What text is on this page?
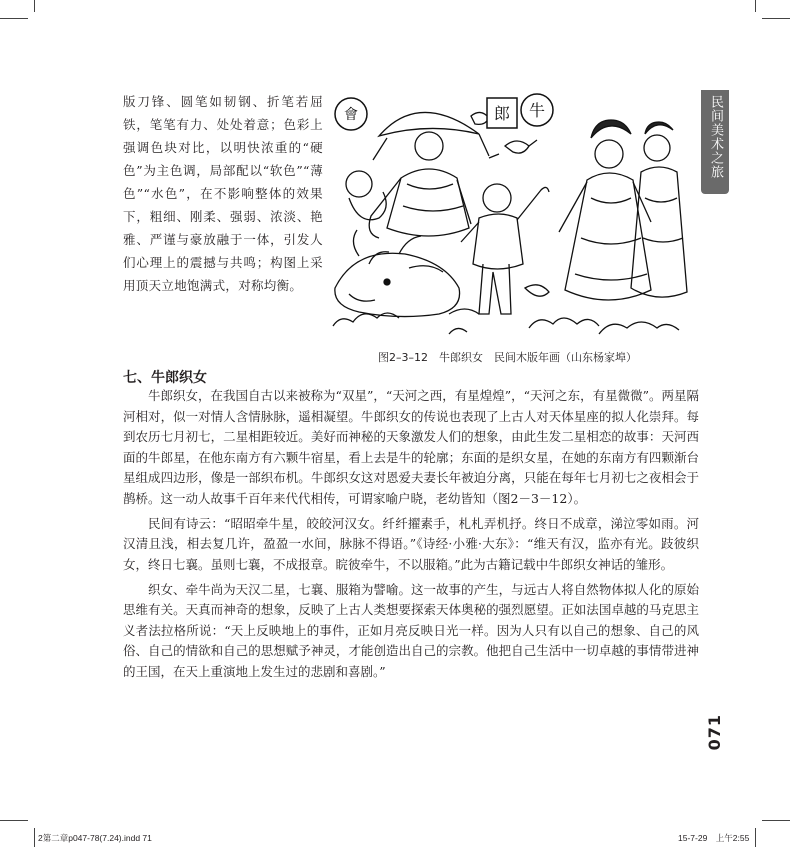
版刀锋、圆笔如韧钢、折笔若屈铁，笔笔有力、处处着意；色彩上强调色块对比，以明快浓重的“硬色”为主色调，局部配以“软色”“薄色”“水色”，在不影响整体的效果下，粗细、刚柔、强弱、浓淡、艳雅、严谨与豪放融于一体，引发人们心理上的震撼与共鸣；构图上采用顶天立地饱满式，对称均衡。

會	郎 牛
图2–3–12　牛郎织女　民间木版年画（山东杨家埠）
七、牛郎织女

牛郎织女，在我国自古以来被称为“双星”，“天河之西，有星煌煌”，“天河之东，有星微微”。两星隔河相对，似一对情人含情脉脉，遥相凝望。牛郎织女的传说也表现了上古人对天体星座的拟人化崇拜。每到农历七月初七，二星相距较近。美好而神秘的天象激发人们的想象，由此生发二星相恋的故事：天河西面的牛郎星，在他东南方有六颗牛宿星，看上去是牛的轮廓；东面的是织女星，在她的东南方有四颗渐台星组成四边形，像是一部织布机。牛郎织女这对恩爱夫妻长年被迫分离，只能在每年七月初七之夜相会于鹊桥。这一动人故事千百年来代代相传，可谓家喻户晓，老幼皆知（图2－3－12）。

民间有诗云：“昭昭牵牛星，皎皎河汉女。纤纤擢素手，札札弄机抒。终日不成章，涕泣零如雨。河汉清且浅，相去复几许，盈盈一水间，脉脉不得语。”《诗经·小雅·大东》：“维天有汉，监亦有光。跂彼织女，终日七襄。虽则七襄，不成报章。睆彼牵牛，不以服箱。”此为古籍记载中牛郎织女神话的雏形。

织女、牵牛尚为天汉二星，七襄、服箱为譬喻。这一故事的产生，与远古人将自然物体拟人化的原始思维有关。天真而神奇的想象，反映了上古人类想要探索天体奥秘的强烈愿望。正如法国卓越的马克思主义者法拉格所说：“天上反映地上的事件，正如月亮反映日光一样。因为人只有以自己的想象、自己的风俗、自己的情欲和自己的思想赋予神灵，才能创造出自己的宗教。他把自己生活中一切卓越的事情带进神的王国，在天上重演地上发生过的悲剧和喜剧。”

民间美术之旅
071
2第二章p047-78(7.24).indd 71	15-7-29　上午2:55
